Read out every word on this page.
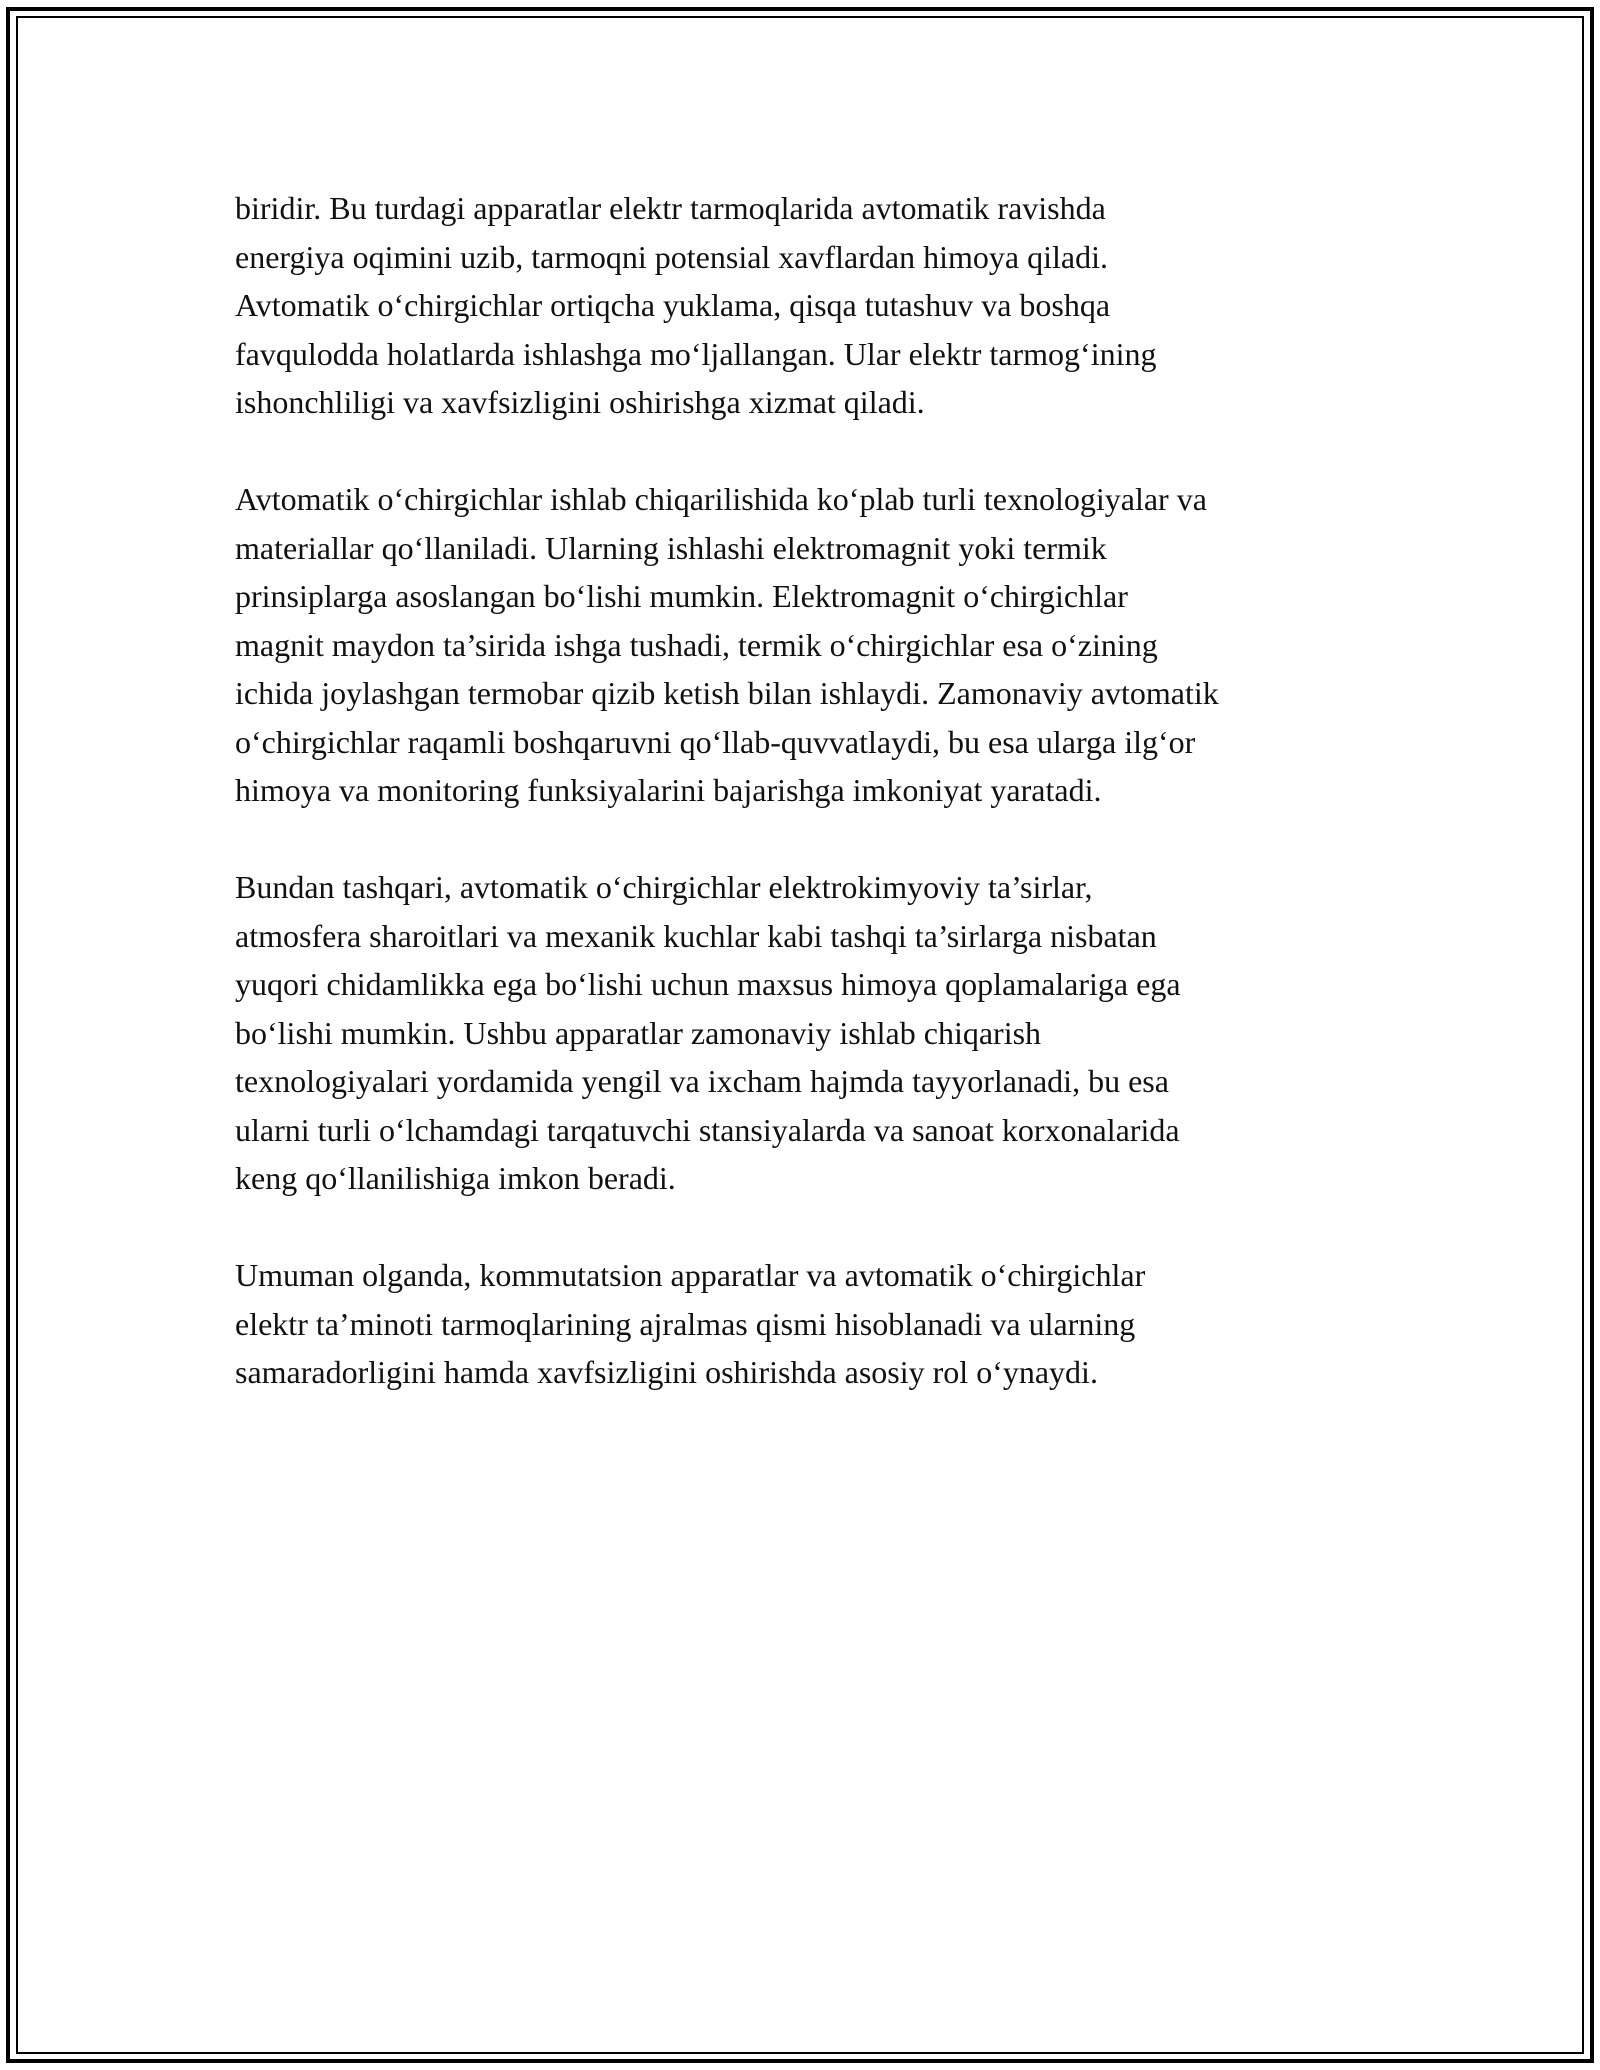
biridir. Bu turdagi apparatlar elektr tarmoqlarida avtomatik ravishda
energiya oqimini uzib, tarmoqni potensial xavflardan himoya qiladi.
Avtomatik o‘chirgichlar ortiqcha yuklama, qisqa tutashuv va boshqa
favqulodda holatlarda ishlashga mo‘ljallangan. Ular elektr tarmog‘ining
ishonchliligi va xavfsizligini oshirishga xizmat qiladi.

Avtomatik o‘chirgichlar ishlab chiqarilishida ko‘plab turli texnologiyalar va
materiallar qo‘llaniladi. Ularning ishlashi elektromagnit yoki termik
prinsiplarga asoslangan bo‘lishi mumkin. Elektromagnit o‘chirgichlar
magnit maydon ta’sirida ishga tushadi, termik o‘chirgichlar esa o‘zining
ichida joylashgan termobar qizib ketish bilan ishlaydi. Zamonaviy avtomatik
o‘chirgichlar raqamli boshqaruvni qo‘llab-quvvatlaydi, bu esa ularga ilg‘or
himoya va monitoring funksiyalarini bajarishga imkoniyat yaratadi.

Bundan tashqari, avtomatik o‘chirgichlar elektrokimyoviy ta’sirlar,
atmosfera sharoitlari va mexanik kuchlar kabi tashqi ta’sirlarga nisbatan
yuqori chidamlikka ega bo‘lishi uchun maxsus himoya qoplamalariga ega
bo‘lishi mumkin. Ushbu apparatlar zamonaviy ishlab chiqarish
texnologiyalari yordamida yengil va ixcham hajmda tayyorlanadi, bu esa
ularni turli o‘lchamdagi tarqatuvchi stansiyalarda va sanoat korxonalarida
keng qo‘llanilishiga imkon beradi.

Umuman olganda, kommutatsion apparatlar va avtomatik o‘chirgichlar
elektr ta’minoti tarmoqlarining ajralmas qismi hisoblanadi va ularning
samaradorligini hamda xavfsizligini oshirishda asosiy rol o‘ynaydi.
